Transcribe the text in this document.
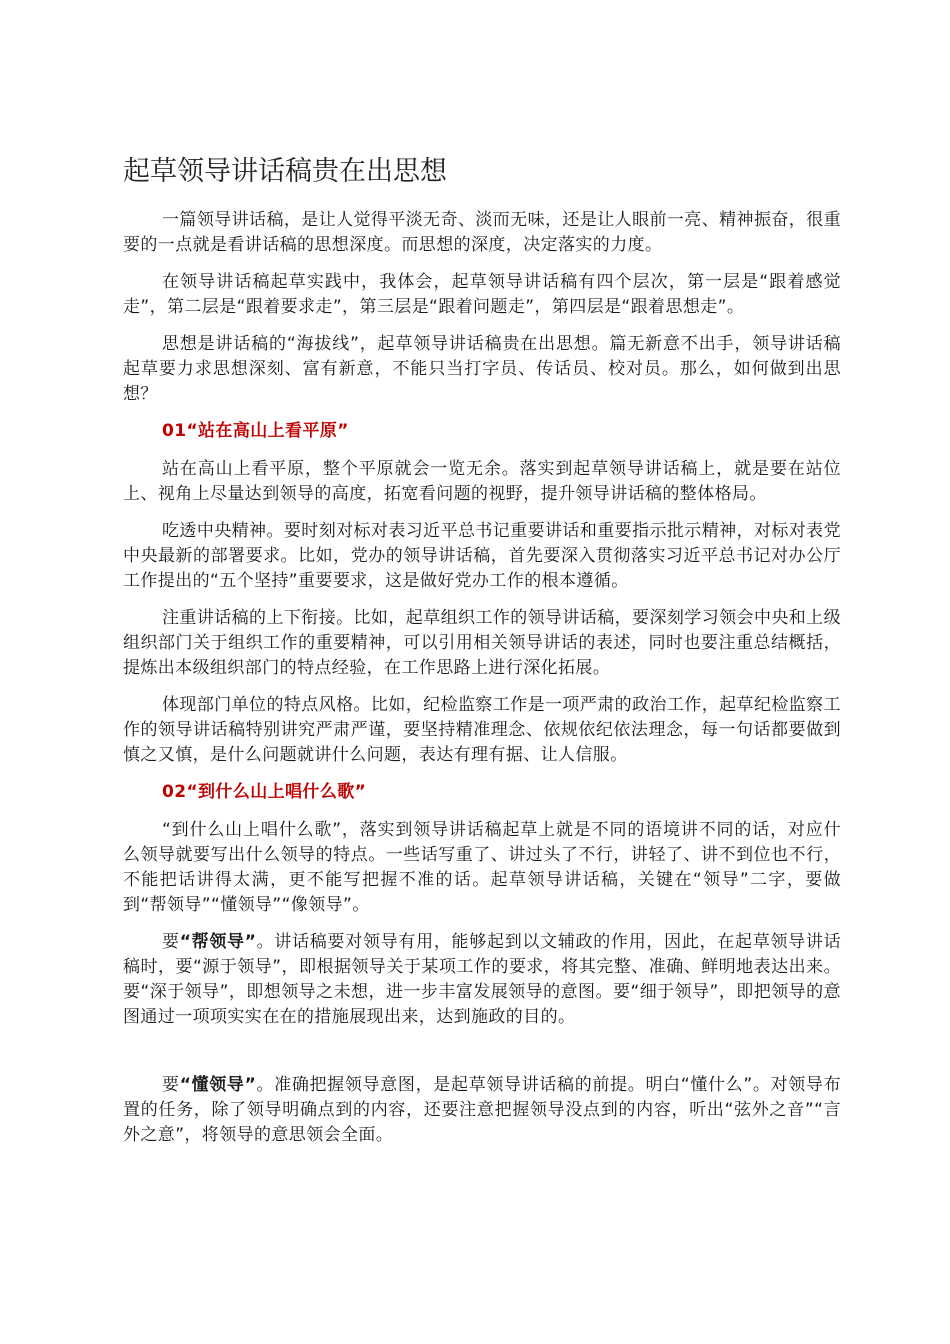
起草领导讲话稿贵在出思想

一篇领导讲话稿，是让人觉得平淡无奇、淡而无味，还是让人眼前一亮、精神振奋，很重要的一点就是看讲话稿的思想深度。而思想的深度，决定落实的力度。

在领导讲话稿起草实践中，我体会，起草领导讲话稿有四个层次，第一层是“跟着感觉走”，第二层是“跟着要求走”，第三层是“跟着问题走”，第四层是“跟着思想走”。

思想是讲话稿的“海拔线”，起草领导讲话稿贵在出思想。篇无新意不出手，领导讲话稿起草要力求思想深刻、富有新意，不能只当打字员、传话员、校对员。那么，如何做到出思想？

01“站在高山上看平原”

站在高山上看平原，整个平原就会一览无余。落实到起草领导讲话稿上，就是要在站位上、视角上尽量达到领导的高度，拓宽看问题的视野，提升领导讲话稿的整体格局。

吃透中央精神。要时刻对标对表习近平总书记重要讲话和重要指示批示精神，对标对表党中央最新的部署要求。比如，党办的领导讲话稿，首先要深入贯彻落实习近平总书记对办公厅工作提出的“五个坚持”重要要求，这是做好党办工作的根本遵循。

注重讲话稿的上下衔接。比如，起草组织工作的领导讲话稿，要深刻学习领会中央和上级组织部门关于组织工作的重要精神，可以引用相关领导讲话的表述，同时也要注重总结概括，提炼出本级组织部门的特点经验，在工作思路上进行深化拓展。

体现部门单位的特点风格。比如，纪检监察工作是一项严肃的政治工作，起草纪检监察工作的领导讲话稿特别讲究严肃严谨，要坚持精准理念、依规依纪依法理念，每一句话都要做到慎之又慎，是什么问题就讲什么问题，表达有理有据、让人信服。

02“到什么山上唱什么歌”

“到什么山上唱什么歌”，落实到领导讲话稿起草上就是不同的语境讲不同的话，对应什么领导就要写出什么领导的特点。一些话写重了、讲过头了不行，讲轻了、讲不到位也不行，不能把话讲得太满，更不能写把握不准的话。起草领导讲话稿，关键在“领导”二字，要做到“帮领导”“懂领导”“像领导”。

要“帮领导”。讲话稿要对领导有用，能够起到以文辅政的作用，因此，在起草领导讲话稿时，要“源于领导”，即根据领导关于某项工作的要求，将其完整、准确、鲜明地表达出来。要“深于领导”，即想领导之未想，进一步丰富发展领导的意图。要“细于领导”，即把领导的意图通过一项项实实在在的措施展现出来，达到施政的目的。

要“懂领导”。准确把握领导意图，是起草领导讲话稿的前提。明白“懂什么”。对领导布置的任务，除了领导明确点到的内容，还要注意把握领导没点到的内容，听出“弦外之音”“言外之意”，将领导的意思领会全面。
